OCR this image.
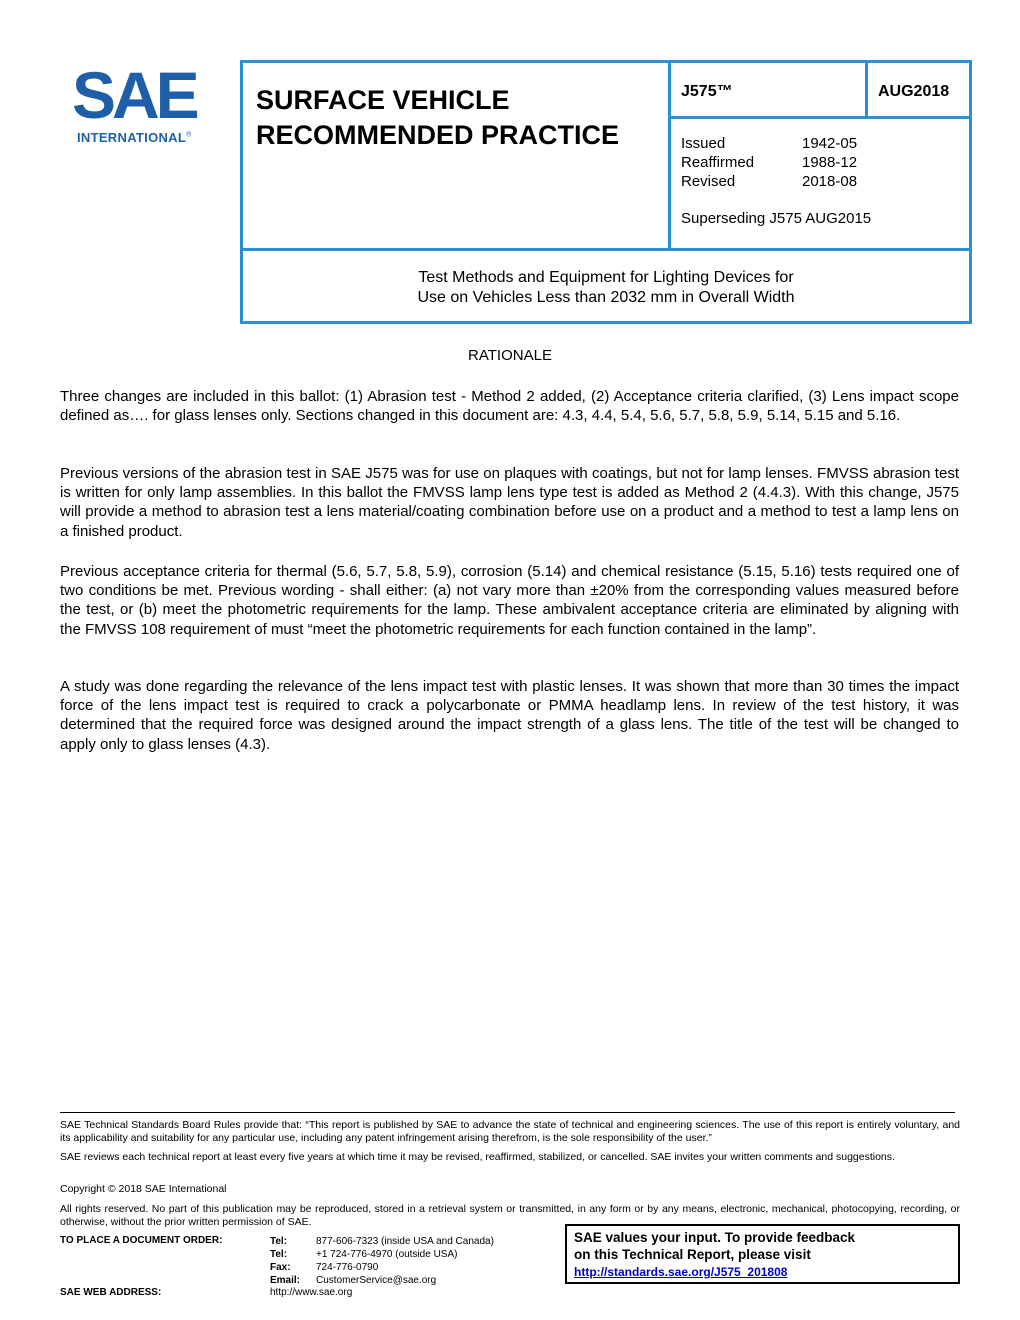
SAE
INTERNATIONAL®
SURFACE VEHICLE
RECOMMENDED PRACTICE
J575™	AUG2018
Issued	1942-05
Reaffirmed	1988-12
Revised	2018-08
Superseding J575 AUG2015
Test Methods and Equipment for Lighting Devices for
Use on Vehicles Less than 2032 mm in Overall Width
RATIONALE
Three changes are included in this ballot: (1) Abrasion test - Method 2 added, (2) Acceptance criteria clarified, (3) Lens impact scope defined as…. for glass lenses only. Sections changed in this document are: 4.3, 4.4, 5.4, 5.6, 5.7, 5.8, 5.9, 5.14, 5.15 and 5.16.
Previous versions of the abrasion test in SAE J575 was for use on plaques with coatings, but not for lamp lenses. FMVSS abrasion test is written for only lamp assemblies. In this ballot the FMVSS lamp lens type test is added as Method 2 (4.4.3). With this change, J575 will provide a method to abrasion test a lens material/coating combination before use on a product and a method to test a lamp lens on a finished product.
Previous acceptance criteria for thermal (5.6, 5.7, 5.8, 5.9), corrosion (5.14) and chemical resistance (5.15, 5.16) tests required one of two conditions be met. Previous wording - shall either: (a) not vary more than ±20% from the corresponding values measured before the test, or (b) meet the photometric requirements for the lamp. These ambivalent acceptance criteria are eliminated by aligning with the FMVSS 108 requirement of must “meet the photometric requirements for each function contained in the lamp”.
A study was done regarding the relevance of the lens impact test with plastic lenses. It was shown that more than 30 times the impact force of the lens impact test is required to crack a polycarbonate or PMMA headlamp lens. In review of the test history, it was determined that the required force was designed around the impact strength of a glass lens. The title of the test will be changed to apply only to glass lenses (4.3).
SAE Technical Standards Board Rules provide that: “This report is published by SAE to advance the state of technical and engineering sciences. The use of this report is entirely voluntary, and its applicability and suitability for any particular use, including any patent infringement arising therefrom, is the sole responsibility of the user.”
SAE reviews each technical report at least every five years at which time it may be revised, reaffirmed, stabilized, or cancelled. SAE invites your written comments and suggestions.
Copyright © 2018 SAE International
All rights reserved. No part of this publication may be reproduced, stored in a retrieval system or transmitted, in any form or by any means, electronic, mechanical, photocopying, recording, or otherwise, without the prior written permission of SAE.
TO PLACE A DOCUMENT ORDER:	Tel:	877-606-7323 (inside USA and Canada)
Tel:	+1 724-776-4970 (outside USA)
Fax:	724-776-0790
Email:	CustomerService@sae.org
SAE WEB ADDRESS:	http://www.sae.org
SAE values your input. To provide feedback
on this Technical Report, please visit
http://standards.sae.org/J575_201808
